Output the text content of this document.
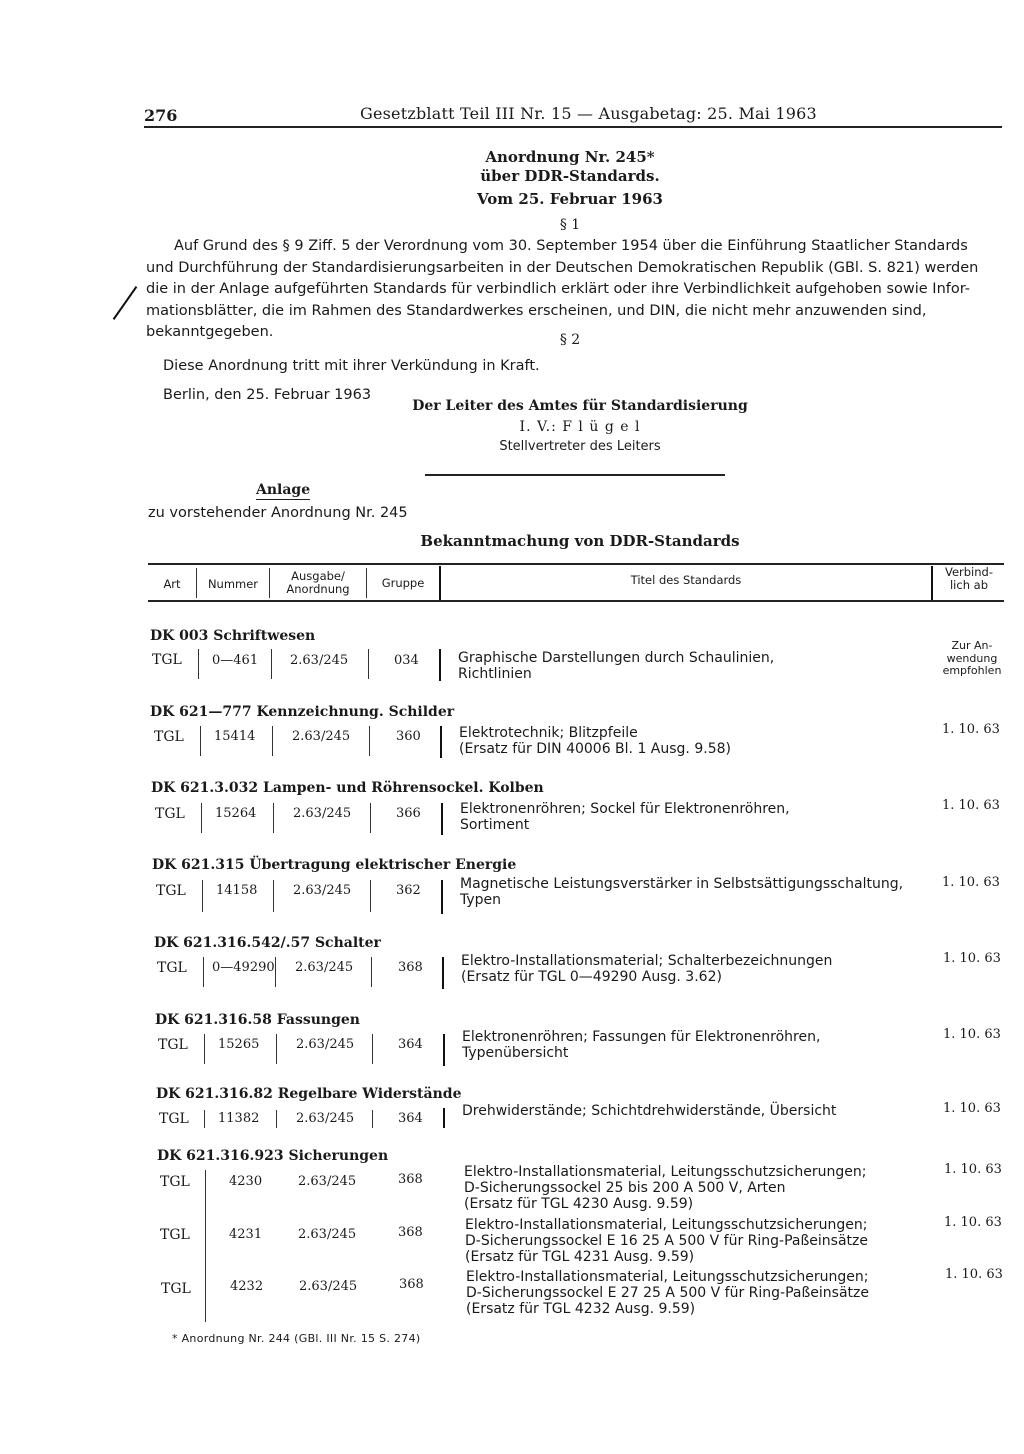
276	Gesetzblatt Teil III Nr. 15 — Ausgabetag: 25. Mai 1963
Anordnung Nr. 245*
über DDR-Standards.
Vom 25. Februar 1963
§ 1
Auf Grund des § 9 Ziff. 5 der Verordnung vom 30. September 1954 über die Einführung Staatlicher Standards
und Durchführung der Standardisierungsarbeiten in der Deutschen Demokratischen Republik (GBl. S. 821) werden
die in der Anlage aufgeführten Standards für verbindlich erklärt oder ihre Verbindlichkeit aufgehoben sowie Infor-
mationsblätter, die im Rahmen des Standardwerkes erscheinen, und DIN, die nicht mehr anzuwenden sind,
bekanntgegeben.	§ 2
Diese Anordnung tritt mit ihrer Verkündung in Kraft.
Berlin, den 25. Februar 1963
Der Leiter des Amtes für Standardisierung
I. V.: F l ü g e l
Stellvertreter des Leiters
Anlage
zu vorstehender Anordnung Nr. 245
Bekanntmachung von DDR-Standards
Art	Nummer
Ausgabe/
Anordnung	Gruppe	Titel des Standards
Verbind-
lich ab
DK 003 Schriftwesen
TGL 0—461 2.63/245	034	Graphische Darstellungen durch Schaulinien,
Richtlinien
Zur An-
wendung
empfohlen
DK 621—777 Kennzeichnung. Schilder
TGL 15414	2.63/245	360	Elektrotechnik; Blitzpfeile
(Ersatz für DIN 40006 Bl. 1 Ausg. 9.58)
1. 10. 63
DK 621.3.032 Lampen- und Röhrensockel. Kolben
TGL 15264	2.63/245	366	Elektronenröhren; Sockel für Elektronenröhren,
Sortiment
1. 10. 63
DK 621.315 Übertragung elektrischer Energie
TGL 14158	2.63/245	362	Magnetische Leistungsverstärker in Selbstsättigungsschaltung,
Typen
1. 10. 63
DK 621.316.542/.57 Schalter
TGL 0—49290 2.63/245	368	Elektro-Installationsmaterial; Schalterbezeichnungen
(Ersatz für TGL 0—49290 Ausg. 3.62)
1. 10. 63
DK 621.316.58 Fassungen
TGL 15265	2.63/245	364	Elektronenröhren; Fassungen für Elektronenröhren,
Typenübersicht
1. 10. 63
DK 621.316.82 Regelbare Widerstände
TGL 11382	2.63/245	364	Drehwiderstände; Schichtdrehwiderstände, Übersicht	1. 10. 63
DK 621.316.923 Sicherungen
TGL	4230	2.63/245	368	Elektro-Installationsmaterial, Leitungsschutzsicherungen;
D-Sicherungssockel 25 bis 200 A 500 V, Arten
(Ersatz für TGL 4230 Ausg. 9.59)
1. 10. 63
TGL	4231	2.63/245	368	Elektro-Installationsmaterial, Leitungsschutzsicherungen;
D-Sicherungssockel E 16 25 A 500 V für Ring-Paßeinsätze
(Ersatz für TGL 4231 Ausg. 9.59)
1. 10. 63
TGL	4232	2.63/245	368	Elektro-Installationsmaterial, Leitungsschutzsicherungen;
D-Sicherungssockel E 27 25 A 500 V für Ring-Paßeinsätze
(Ersatz für TGL 4232 Ausg. 9.59)
1. 10. 63
* Anordnung Nr. 244 (GBl. III Nr. 15 S. 274)
